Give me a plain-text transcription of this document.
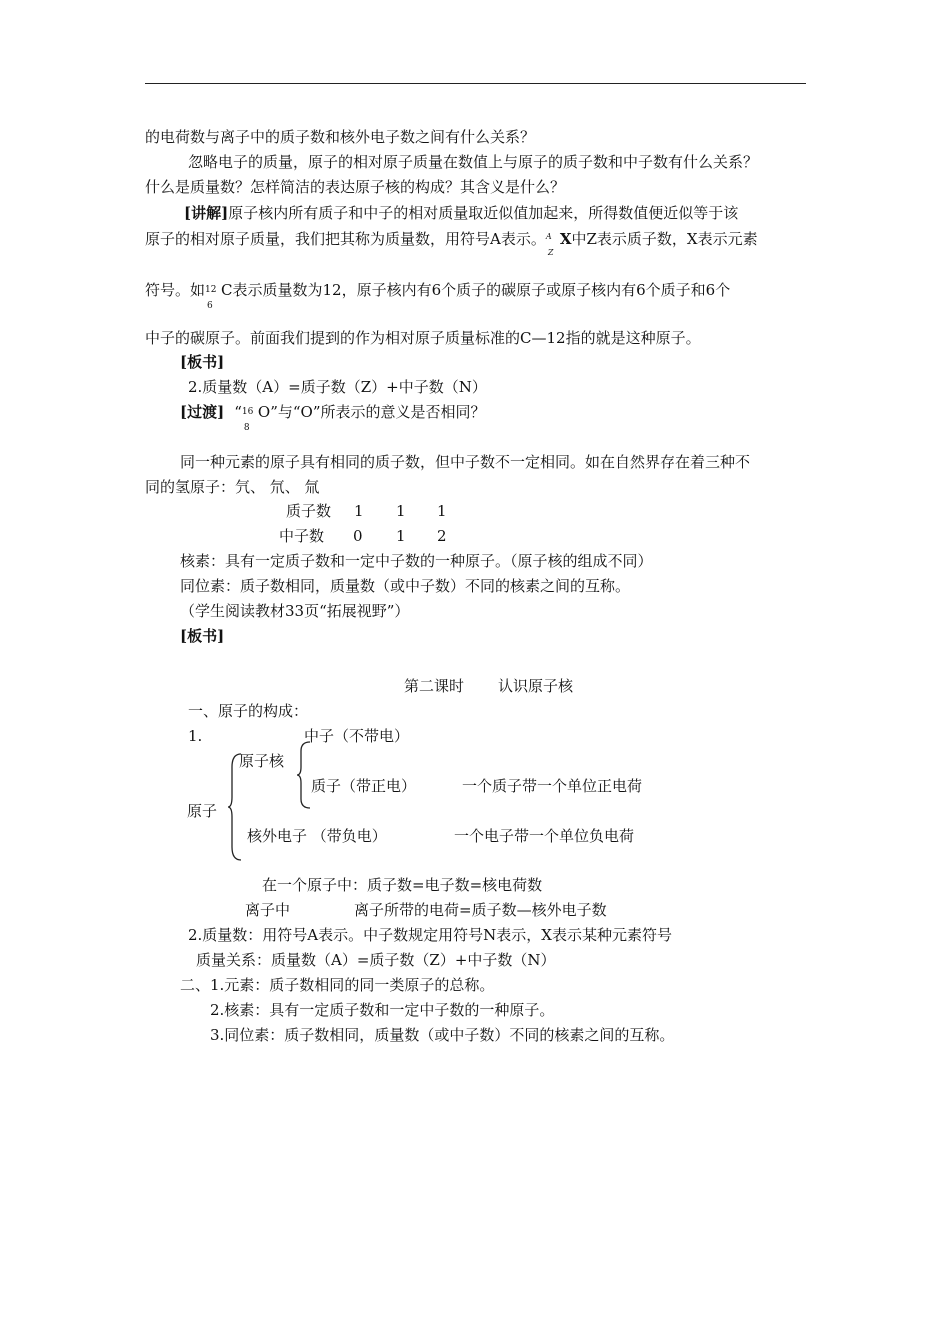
的电荷数与离子中的质子数和核外电子数之间有什么关系？
忽略电子的质量，原子的相对原子质量在数值上与原子的质子数和中子数有什么关系？
什么是质量数？怎样简洁的表达原子核的构成？其含义是什么？
[讲解]原子核内所有质子和中子的相对质量取近似值加起来，所得数值便近似等于该
原子的相对原子质量，我们把其称为质量数，用符号A表示。 A
Z
X中Z表示质子数，X表示元素
符号。如 12
6
C表示质量数为12，原子核内有6个质子的碳原子或原子核内有6个质子和6个
中子的碳原子。前面我们提到的作为相对原子质量标准的C—12指的就是这种原子。
[板书]
2.质量数（A）=质子数（Z）+中子数（N）
[过渡] “ 16
8
O”与“O”所表示的意义是否相同？
同一种元素的原子具有相同的质子数，但中子数不一定相同。如在自然界存在着三种不
同的氢原子：氕、 氘、 氚
质子数 1 1 1
中子数 0 1 2
核素：具有一定质子数和一定中子数的一种原子。（原子核的组成不同）
同位素：质子数相同，质量数（或中子数）不同的核素之间的互称。
（学生阅读教材33页“拓展视野”）
[板书]
第二课时 认识原子核
一、原子的构成：
1.	中子（不带电）
原子核
质子（带正电）	一个质子带一个单位正电荷
原子
核外电子 （带负电）	一个电子带一个单位负电荷
在一个原子中：质子数=电子数=核电荷数
离子中	离子所带的电荷=质子数—核外电子数
2.质量数：用符号A表示。中子数规定用符号N表示，X表示某种元素符号
质量关系：质量数（A）=质子数（Z）+中子数（N）
二、1.元素：质子数相同的同一类原子的总称。
2.核素：具有一定质子数和一定中子数的一种原子。
3.同位素：质子数相同，质量数（或中子数）不同的核素之间的互称。
